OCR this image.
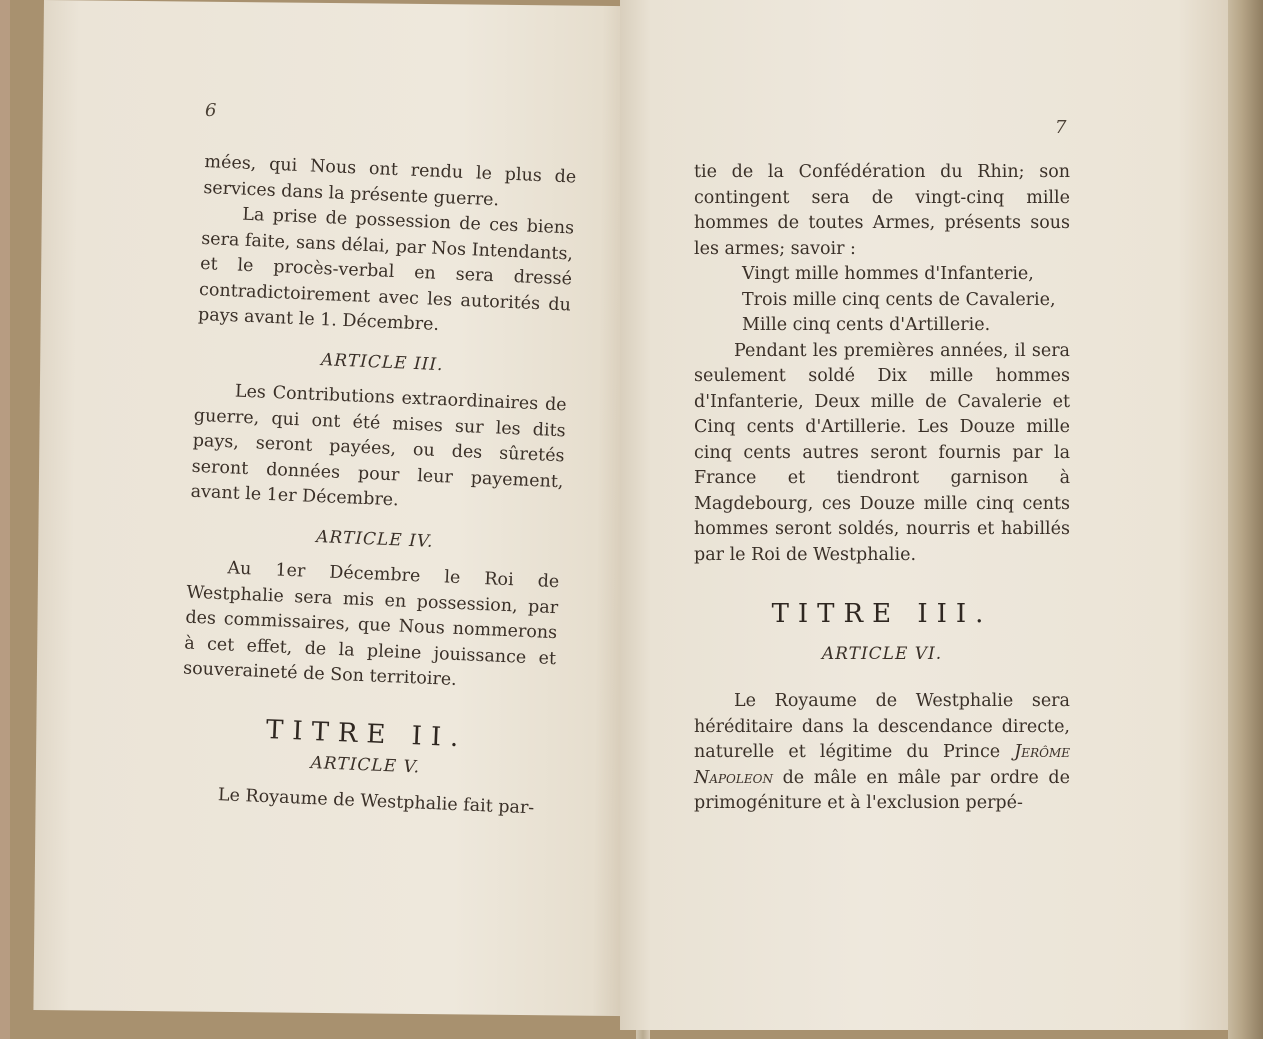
6
7

mées, qui Nous ont rendu le plus de services dans la présente guerre.

La prise de possession de ces biens sera faite, sans délai, par Nos Intendants, et le procès-verbal en sera dressé contradictoirement avec les autorités du pays avant le 1. Décembre.

ARTICLE III.

Les Contributions extraordinaires de guerre, qui ont été mises sur les dits pays, seront payées, ou des sûretés seront données pour leur payement, avant le 1er Décembre.

ARTICLE IV.

Au 1er Décembre le Roi de Westphalie sera mis en possession, par des commissaires, que Nous nommerons à cet effet, de la pleine jouissance et souveraineté de Son territoire.

TITRE II.
ARTICLE V.

Le Royaume de Westphalie fait par-

tie de la Confédération du Rhin; son contingent sera de vingt-cinq mille hommes de toutes Armes, présents sous les armes; savoir :

Vingt mille hommes d'Infanterie,

Trois mille cinq cents de Cavalerie,

Mille cinq cents d'Artillerie.

Pendant les premières années, il sera seulement soldé Dix mille hommes d'Infanterie, Deux mille de Cavalerie et Cinq cents d'Artillerie. Les Douze mille cinq cents autres seront fournis par la France et tiendront garnison à Magdebourg, ces Douze mille cinq cents hommes seront soldés, nourris et habillés par le Roi de Westphalie.

TITRE III.
ARTICLE VI.

Le Royaume de Westphalie sera héréditaire dans la descendance directe, naturelle et légitime du Prince Jerôme Napoleon de mâle en mâle par ordre de primogéniture et à l'exclusion perpé-
